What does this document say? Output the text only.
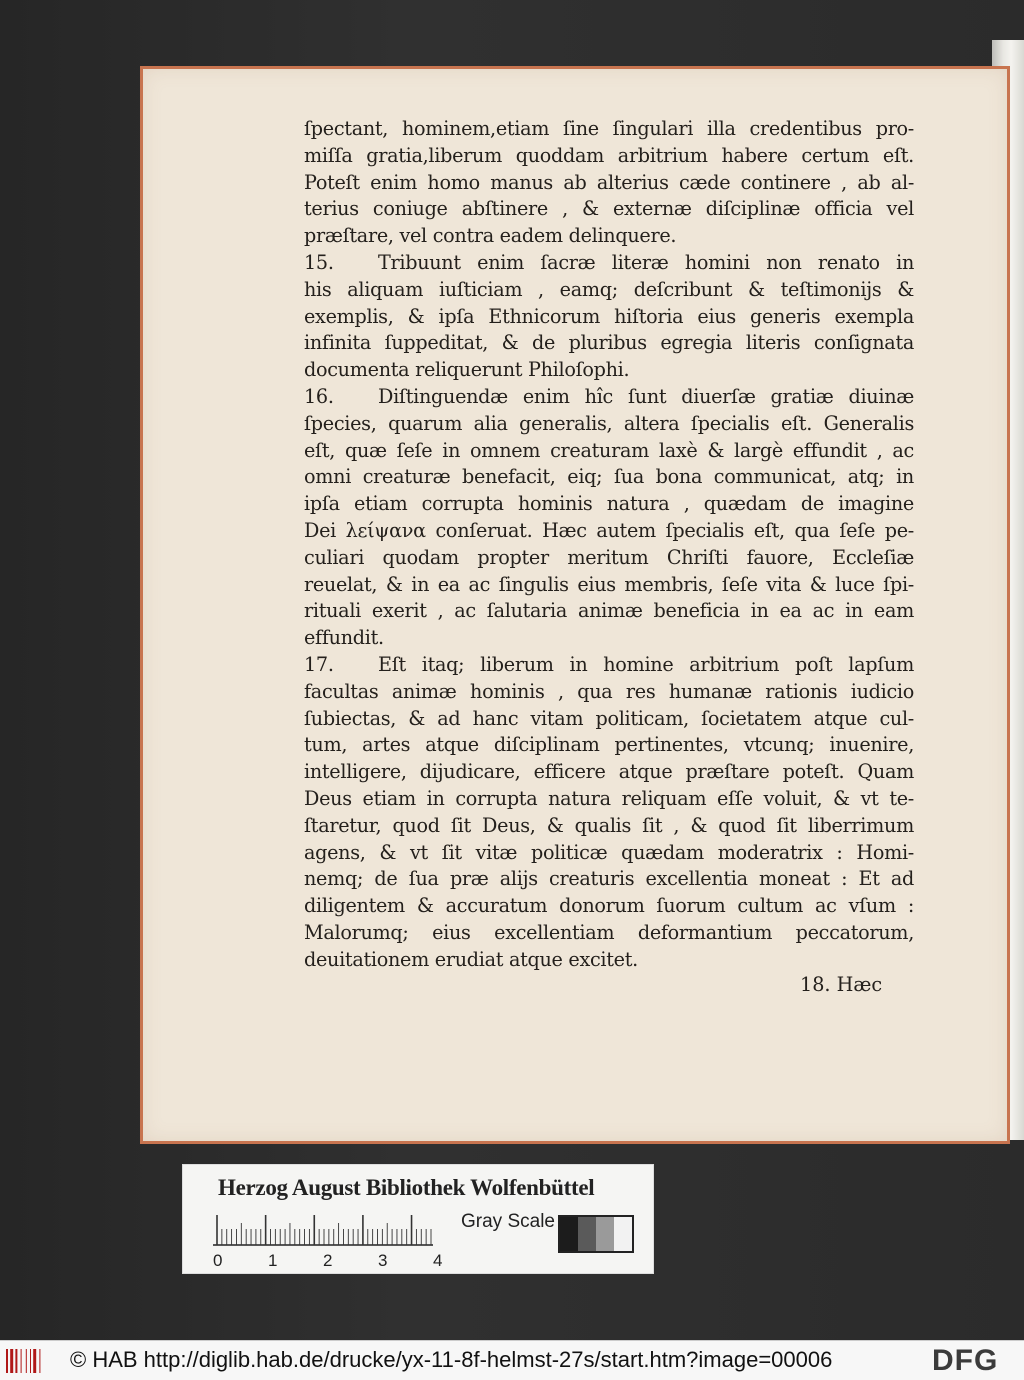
ſpectant, hominem,etiam ſine ſingulari illa credentibus pro-
miſſa gratia,liberum quoddam arbitrium habere certum eſt.
Poteſt enim homo manus ab alterius cæde continere , ab al-
terius coniuge abſtinere , & externæ diſciplinæ officia vel
præſtare, vel contra eadem delinquere.
15. Tribuunt enim ſacræ literæ homini non renato in
his aliquam iuſticiam , eamq; deſcribunt & teſtimonijs &
exemplis, & ipſa Ethnicorum hiſtoria eius generis exempla
infinita ſuppeditat, & de pluribus egregia literis conſignata
documenta reliquerunt Philoſophi.
16. Diſtinguendæ enim hîc ſunt diuerſæ gratiæ diuinæ
ſpecies, quarum alia generalis, altera ſpecialis eſt. Generalis
eſt, quæ ſeſe in omnem creaturam laxè & largè effundit , ac
omni creaturæ benefacit, eiq; ſua bona communicat, atq; in
ipſa etiam corrupta hominis natura , quædam de imagine
Dei λείψανα conſeruat. Hæc autem ſpecialis eſt, qua ſeſe pe-
culiari quodam propter meritum Chriſti fauore, Eccleſiæ
reuelat, & in ea ac ſingulis eius membris, ſeſe vita & luce ſpi-
rituali exerit , ac ſalutaria animæ beneficia in ea ac in eam
effundit.
17. Eſt itaq; liberum in homine arbitrium poſt lapſum
facultas animæ hominis , qua res humanæ rationis iudicio
ſubiectas, & ad hanc vitam politicam, ſocietatem atque cul-
tum, artes atque diſciplinam pertinentes, vtcunq; inuenire,
intelligere, dijudicare, efficere atque præſtare poteſt. Quam
Deus etiam in corrupta natura reliquam eſſe voluit, & vt te-
ſtaretur, quod ſit Deus, & qualis ſit , & quod ſit liberrimum
agens, & vt ſit vitæ politicæ quædam moderatrix : Homi-
nemq; de ſua præ alijs creaturis excellentia moneat : Et ad
diligentem & accuratum donorum ſuorum cultum ac vſum :
Malorumq; eius excellentiam deformantium peccatorum,
deuitationem erudiat atque excitet.
18. Hæc
Herzog August Bibliothek Wolfenbüttel
0	1	2	3	4
Gray Scale
© HAB http://diglib.hab.de/drucke/yx-11-8f-helmst-27s/start.htm?image=00006	DFG
